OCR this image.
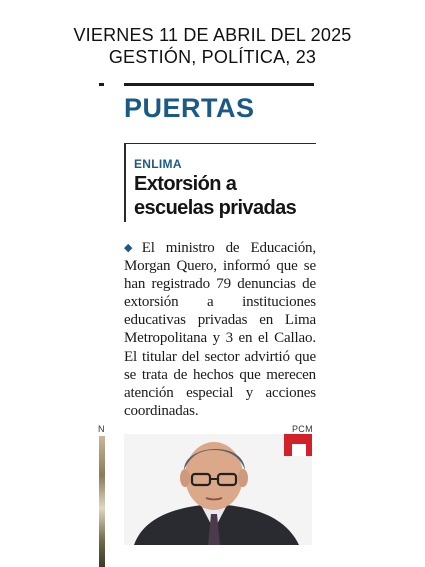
VIERNES 11 DE ABRIL DEL 2025
GESTIÓN, POLÍTICA, 23
PUERTAS
ENLIMA
Extorsión a
escuelas privadas
◆ El ministro de Educación, Morgan Quero, informó que se han registrado 79 denuncias de extorsión a instituciones educativas privadas en Lima Metropolitana y 3 en el Callao. El titular del sector advirtió que se trata de hechos que merecen atención especial y acciones coordinadas.
N	PCM
